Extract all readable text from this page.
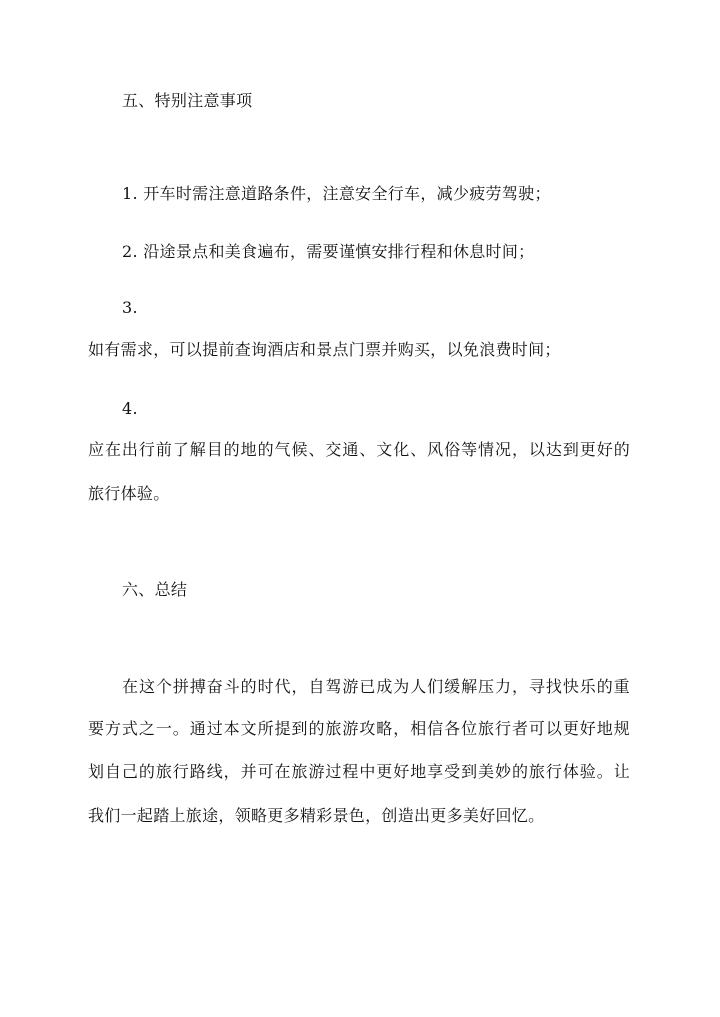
五、特别注意事项
1. 开车时需注意道路条件，注意安全行车，减少疲劳驾驶；
2. 沿途景点和美食遍布，需要谨慎安排行程和休息时间；
3.
如有需求，可以提前查询酒店和景点门票并购买，以免浪费时间；
4.
应在出行前了解目的地的气候、交通、文化、风俗等情况，以达到更好的
旅行体验。
六、总结
在这个拼搏奋斗的时代，自驾游已成为人们缓解压力，寻找快乐的重
要方式之一。通过本文所提到的旅游攻略，相信各位旅行者可以更好地规
划自己的旅行路线，并可在旅游过程中更好地享受到美妙的旅行体验。让
我们一起踏上旅途，领略更多精彩景色，创造出更多美好回忆。
